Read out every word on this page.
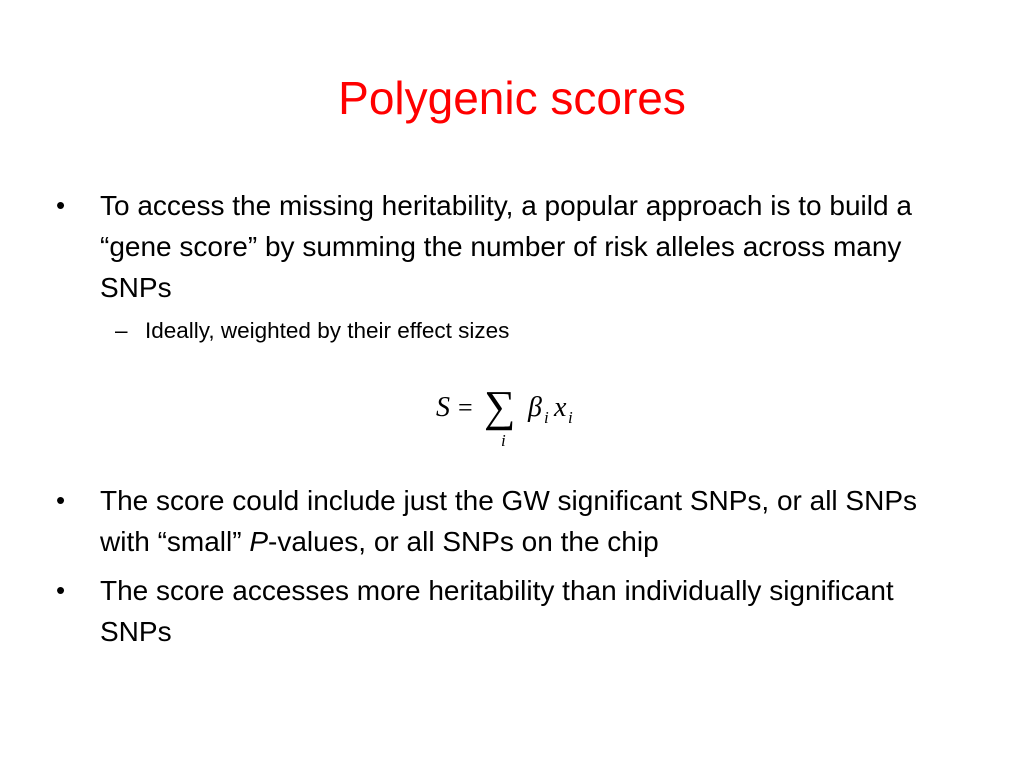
Polygenic scores
• To access the missing heritability, a popular approach is to build a “gene score” by summing the number of risk alleles across many SNPs
– Ideally, weighted by their effect sizes
S = ∑
i
β i x i
• The score could include just the GW significant SNPs, or all SNPs with “small” P-values, or all SNPs on the chip
• The score accesses more heritability than individually significant SNPs
